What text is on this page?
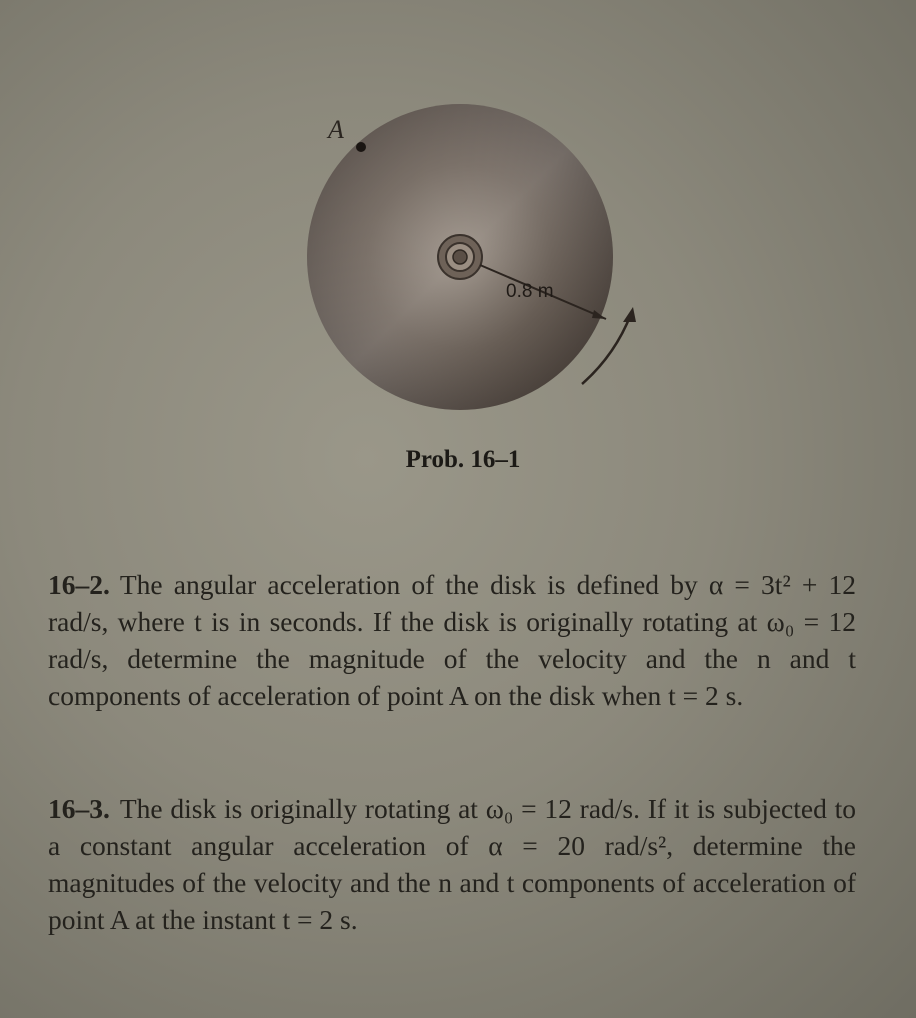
0.8 m
A
Prob. 16–1
16–2. The angular acceleration of the disk is defined by α = 3t² + 12 rad/s, where t is in seconds. If the disk is originally rotating at ω₀ = 12 rad/s, determine the magnitude of the velocity and the n and t components of acceleration of point A on the disk when t = 2 s.
16–3. The disk is originally rotating at ω₀ = 12 rad/s. If it is subjected to a constant angular acceleration of α = 20 rad/s², determine the magnitudes of the velocity and the n and t components of acceleration of point A at the instant t = 2 s.
